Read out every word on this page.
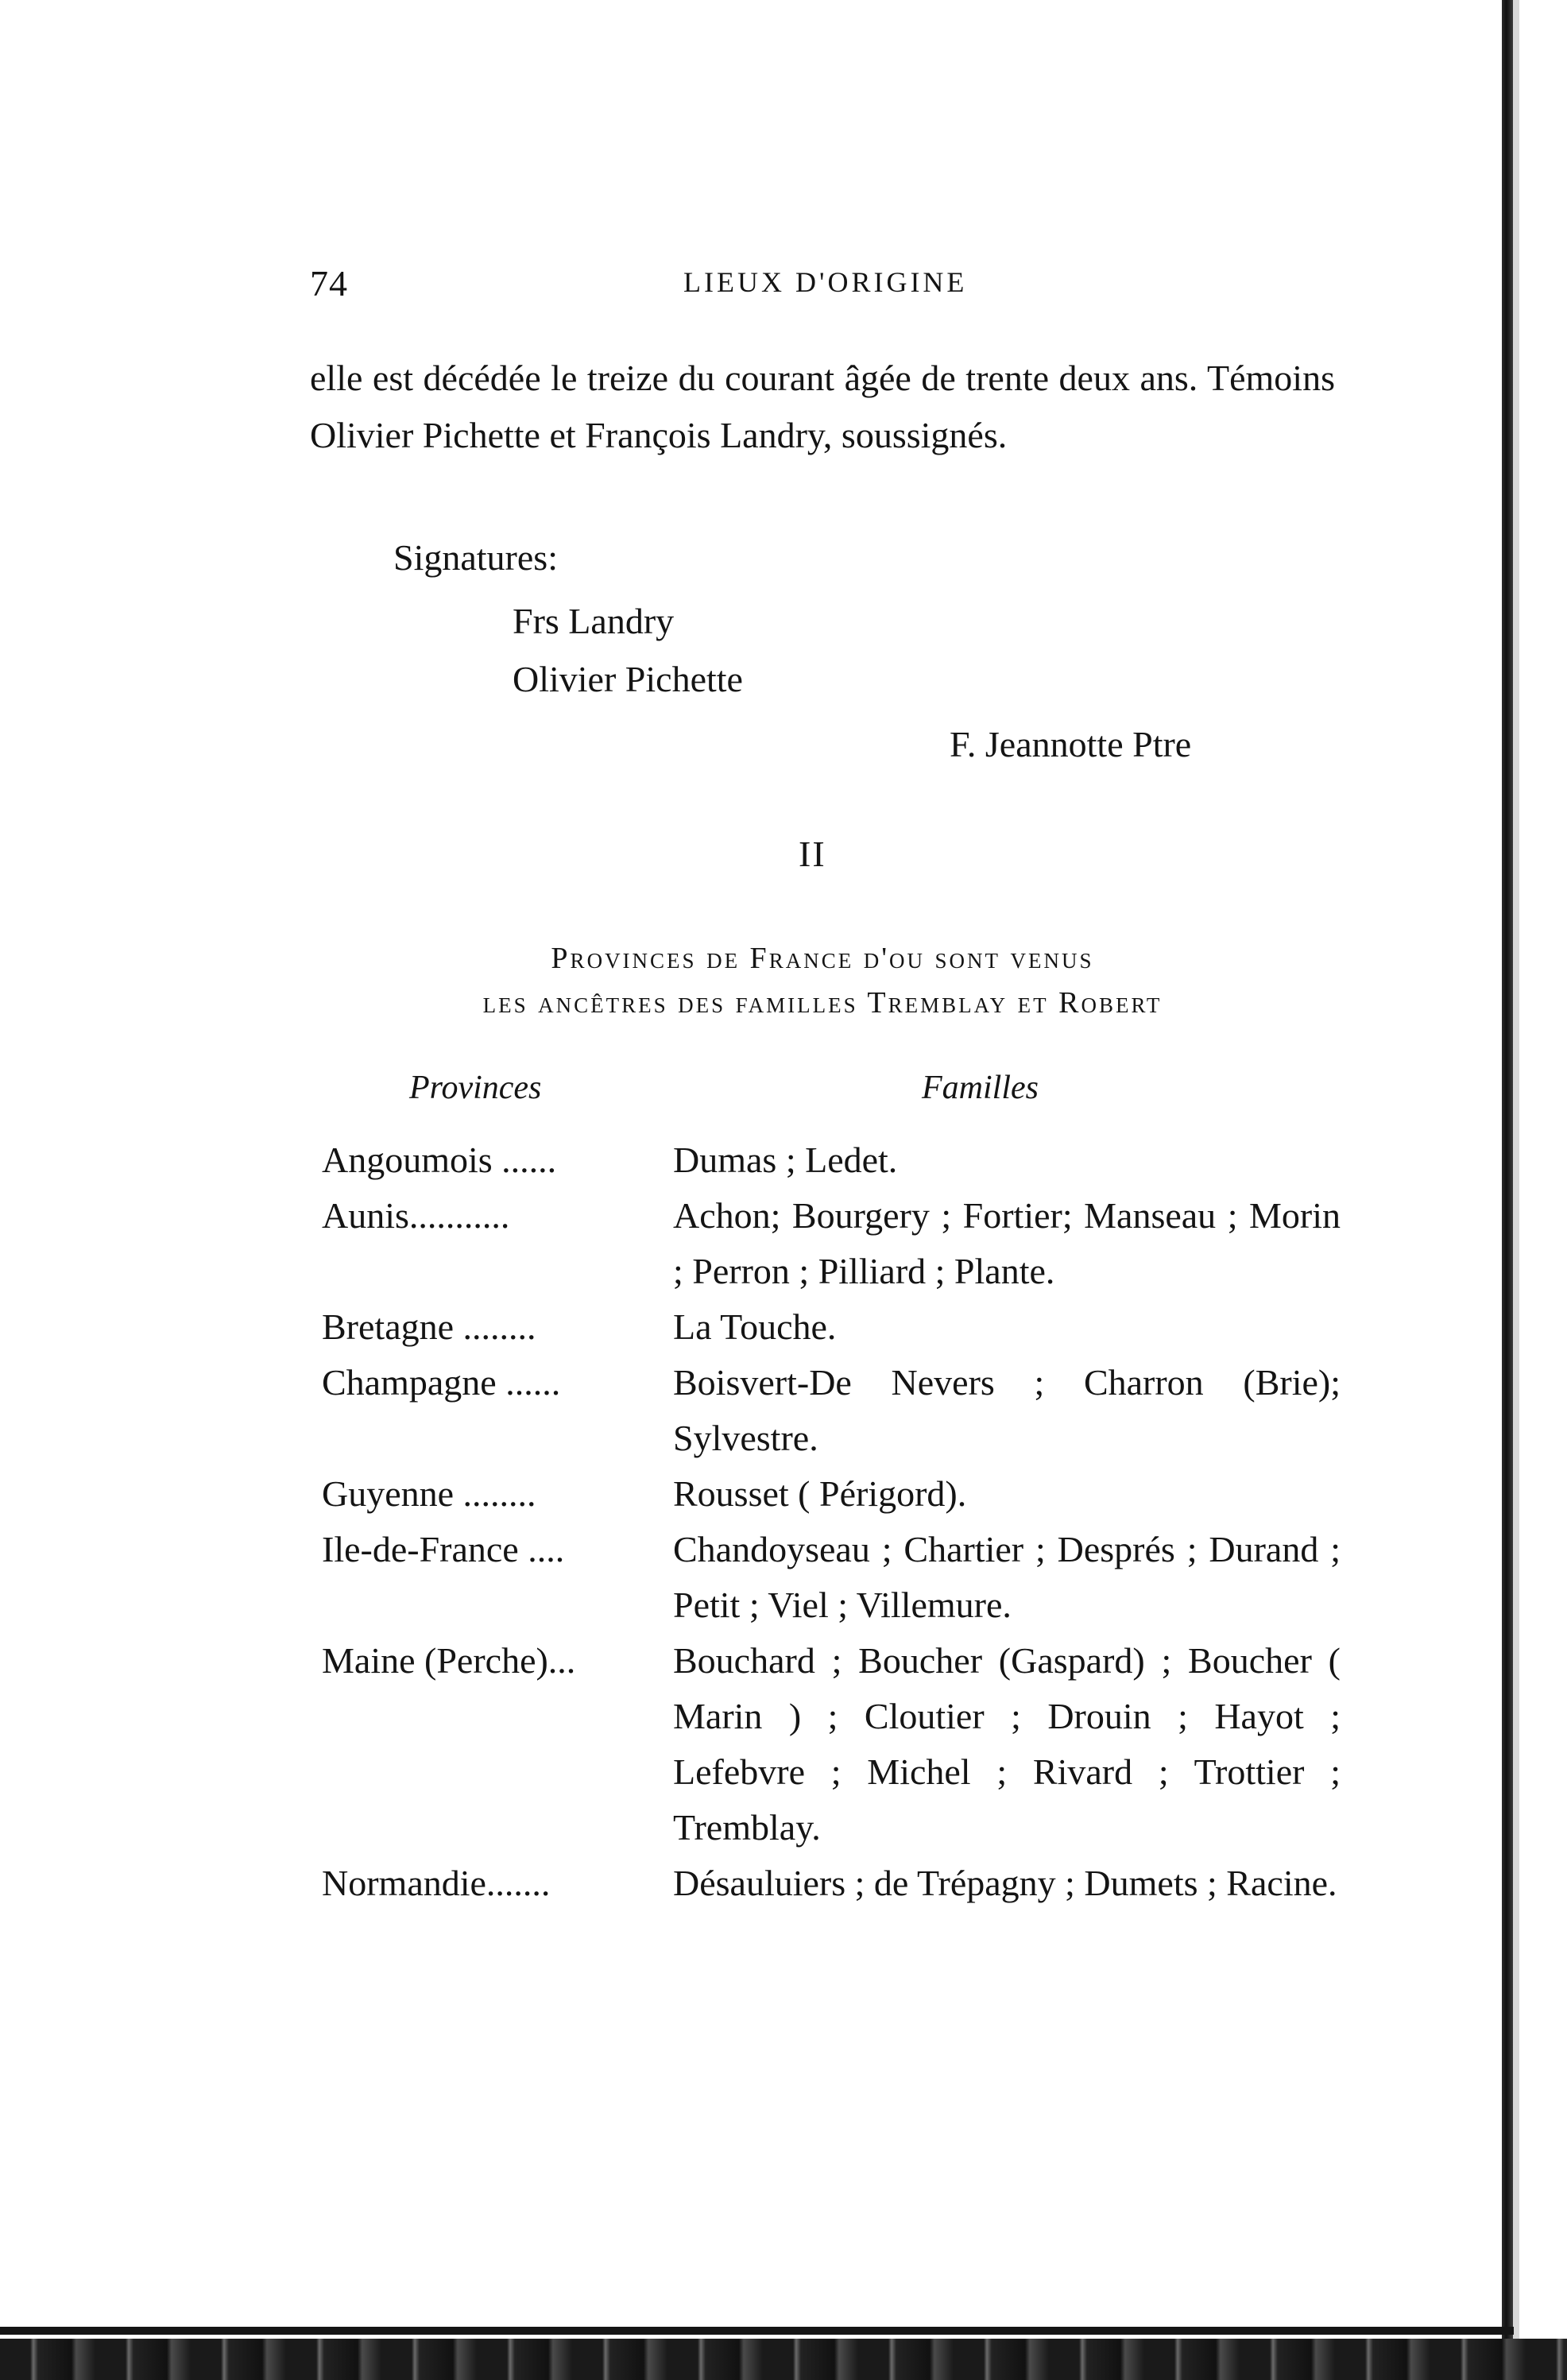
74	LIEUX D'ORIGINE
elle est décédée le treize du courant âgée de trente deux ans. Témoins Olivier Pichette et François Landry, soussignés.
Signatures:
Frs Landry
Olivier Pichette
F. Jeannotte Ptre
II
Provinces de France d'ou sont venus
les ancêtres des familles Tremblay et Robert
Provinces	Familles
Angoumois ......	Dumas ; Ledet.
Aunis...........	Achon; Bourgery ; Fortier; Manseau ; Morin ; Perron ; Pilliard ; Plante.
Bretagne ........	La Touche.
Champagne ......	Boisvert-De Nevers ; Charron (Brie); Sylvestre.
Guyenne ........	Rousset ( Périgord).
Ile-de-France ....	Chandoyseau ; Chartier ; Després ; Durand ; Petit ; Viel ; Villemure.
Maine (Perche)...	Bouchard ; Boucher (Gaspard) ; Boucher ( Marin ) ; Cloutier ; Drouin ; Hayot ; Lefebvre ; Michel ; Rivard ; Trottier ; Tremblay.
Normandie.......	Désauluiers ; de Trépagny ; Dumets ; Racine.
